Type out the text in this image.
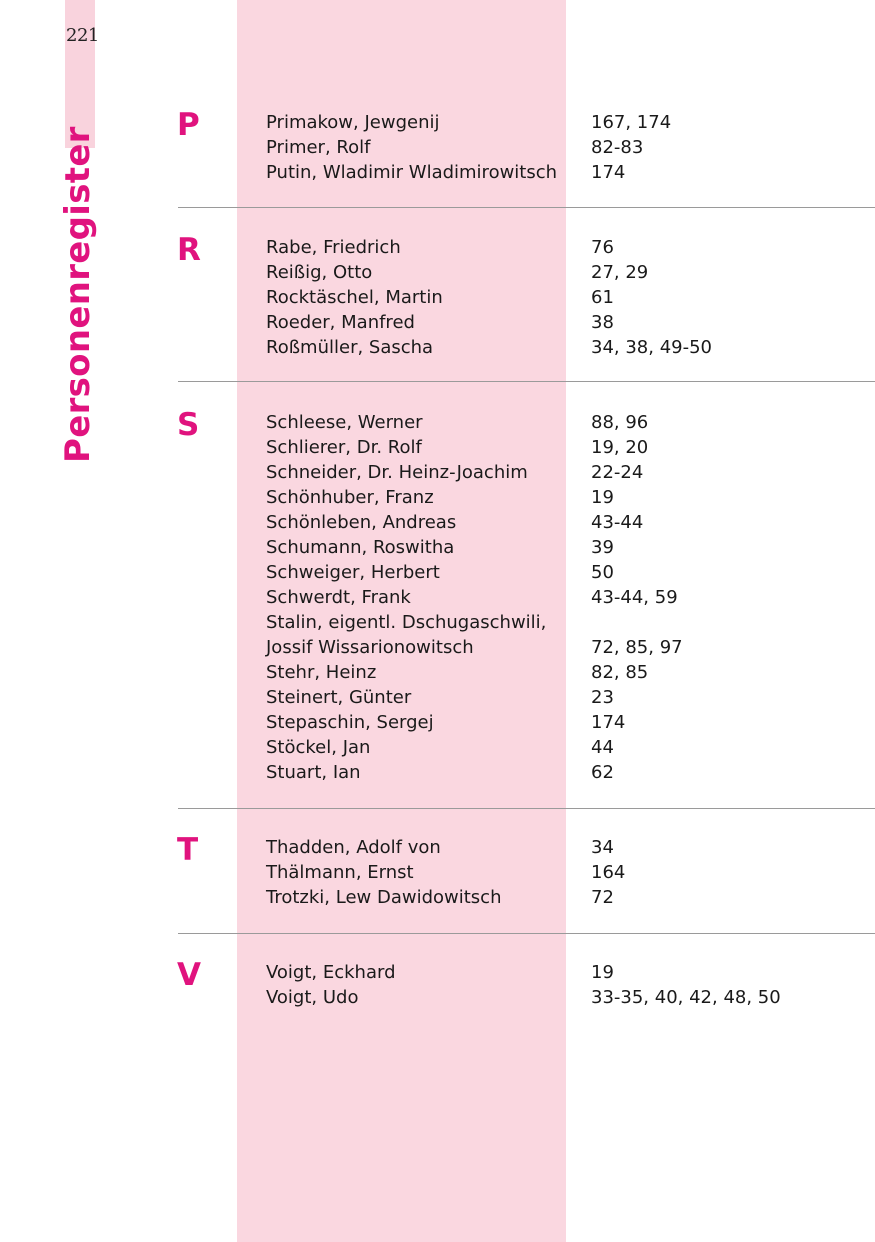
221
Personenregister
P	Primakow, Jewgenij	167, 174
Primer, Rolf	82-83
Putin, Wladimir Wladimirowitsch 174
R	Rabe, Friedrich	76
Reißig, Otto	27, 29
Rocktäschel, Martin	61
Roeder, Manfred	38
Roßmüller, Sascha	34, 38, 49-50
S	Schleese, Werner	88, 96
Schlierer, Dr. Rolf	19, 20
Schneider, Dr. Heinz-Joachim	22-24
Schönhuber, Franz	19
Schönleben, Andreas	43-44
Schumann, Roswitha	39
Schweiger, Herbert	50
Schwerdt, Frank	43-44, 59
Stalin, eigentl. Dschugaschwili,
Jossif Wissarionowitsch	72, 85, 97
Stehr, Heinz	82, 85
Steinert, Günter	23
Stepaschin, Sergej	174
Stöckel, Jan	44
Stuart, Ian	62
T	Thadden, Adolf von	34
Thälmann, Ernst	164
Trotzki, Lew Dawidowitsch	72
V	Voigt, Eckhard	19
Voigt, Udo	33-35, 40, 42, 48, 50
